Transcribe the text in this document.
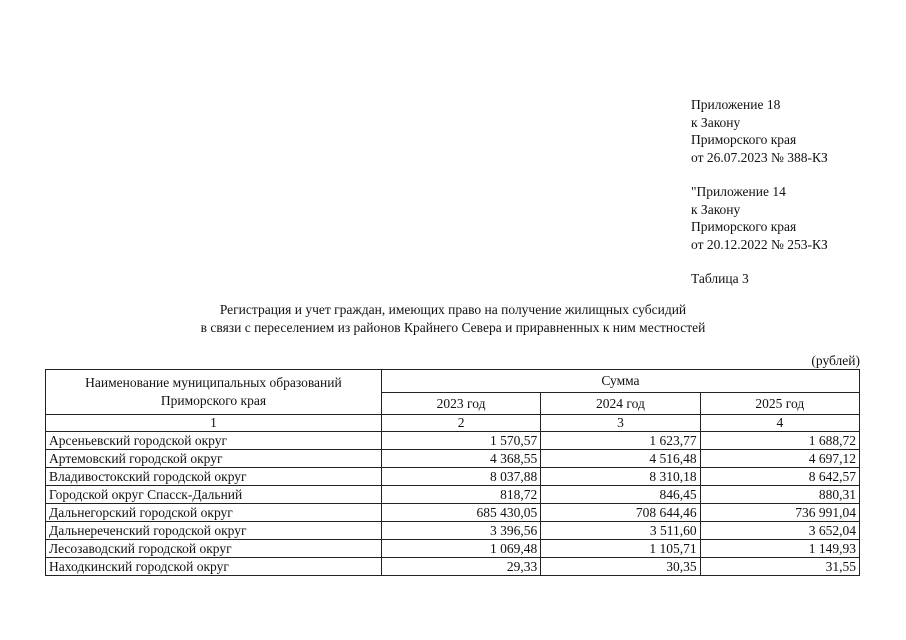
Приложение 18
к Закону
Приморского края
от 26.07.2023 № 388-КЗ
"Приложение 14
к Закону
Приморского края
от 20.12.2022 № 253-КЗ
Таблица 3
Регистрация и учет граждан, имеющих право на получение жилищных субсидий
в связи с переселением из районов Крайнего Севера и приравненных к ним местностей
(рублей)
Наименование муниципальных образований
Приморского края	Сумма		
	2023 год	2024 год	2025 год
1	2	3	4
Арсеньевский городской округ	1 570,57	1 623,77	1 688,72
Артемовский городской округ	4 368,55	4 516,48	4 697,12
Владивостокский городской округ	8 037,88	8 310,18	8 642,57
Городской округ Спасск-Дальний	818,72	846,45	880,31
Дальнегорский городской округ	685 430,05	708 644,46	736 991,04
Дальнереченский городской округ	3 396,56	3 511,60	3 652,04
Лесозаводский городской округ	1 069,48	1 105,71	1 149,93
Находкинский городской округ	29,33	30,35	31,55
